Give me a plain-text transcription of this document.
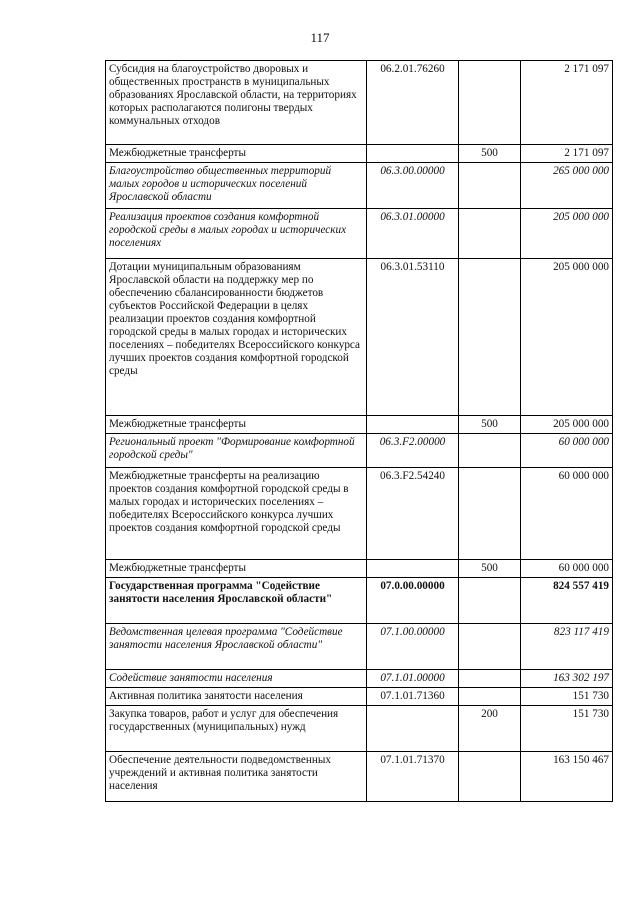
117
Субсидия на благоустройство дворовых и общественных пространств в муниципальных образованиях Ярославской области, на территориях которых располагаются полигоны твердых коммунальных отходов	06.2.01.76260		2 171 097
Межбюджетные трансферты		500	2 171 097
Благоустройство общественных территорий малых городов и исторических поселений Ярославской области	06.3.00.00000		265 000 000
Реализация проектов создания комфортной городской среды в малых городах и исторических поселениях	06.3.01.00000		205 000 000
Дотации муниципальным образованиям Ярославской области на поддержку мер по обеспечению сбалансированности бюджетов субъектов Российской Федерации в целях реализации проектов создания комфортной городской среды в малых городах и исторических поселениях – победителях Всероссийского конкурса лучших проектов создания комфортной городской среды	06.3.01.53110		205 000 000
Межбюджетные трансферты		500	205 000 000
Региональный проект "Формирование комфортной городской среды"	06.3.F2.00000		60 000 000
Межбюджетные трансферты на реализацию проектов создания комфортной городской среды в малых городах и исторических поселениях – победителях Всероссийского конкурса лучших проектов создания комфортной городской среды	06.3.F2.54240		60 000 000
Межбюджетные трансферты		500	60 000 000
Государственная программа "Содействие занятости населения Ярославской области"	07.0.00.00000		824 557 419
Ведомственная целевая программа "Содействие занятости населения Ярославской области"	07.1.00.00000		823 117 419
Содействие занятости населения	07.1.01.00000		163 302 197
Активная политика занятости населения	07.1.01.71360		151 730
Закупка товаров, работ и услуг для обеспечения государственных (муниципальных) нужд		200	151 730
Обеспечение деятельности подведомственных учреждений и активная политика занятости населения	07.1.01.71370		163 150 467
